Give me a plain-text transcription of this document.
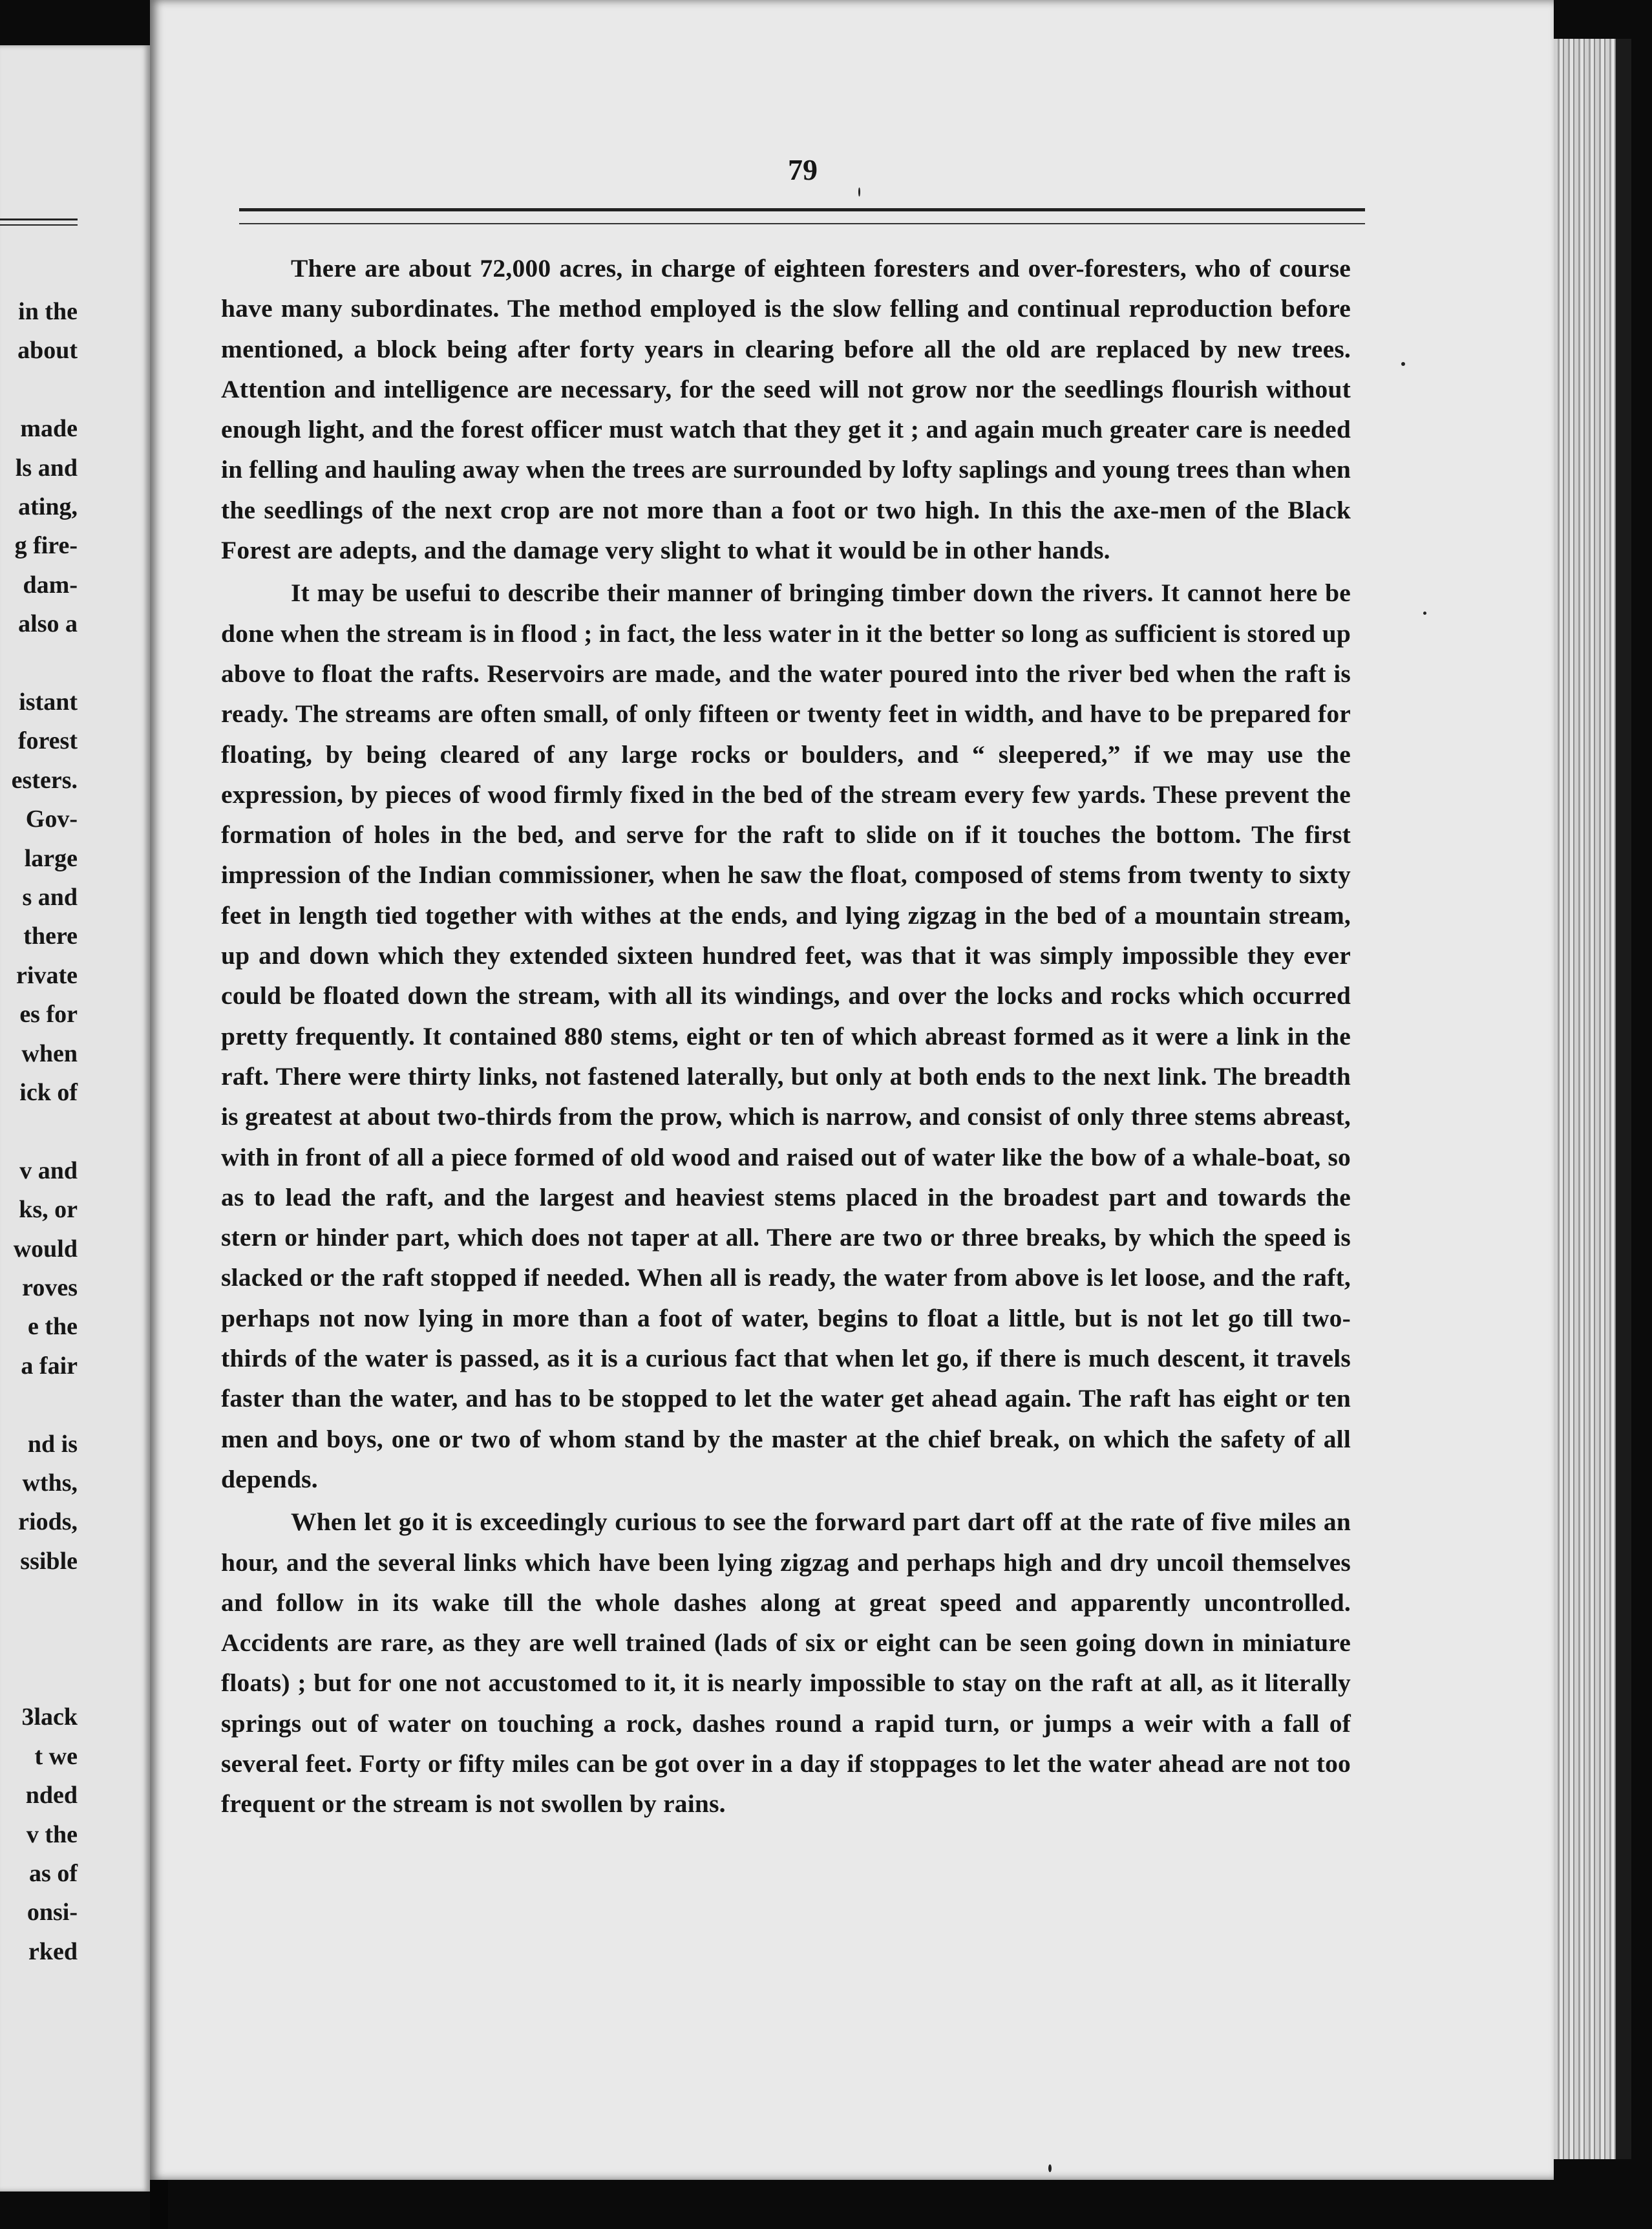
in the
about
made
ls and
ating,
g fire-
dam-
also a
istant
forest
esters.
Gov-
large
s and
there
rivate
es for
when
ick of
v and
ks, or
would
roves
e the
a fair
nd is
wths,
riods,
ssible
3lack
t we
nded
v the
as of
onsi-
rked
79

There are about 72,000 acres, in charge of eighteen foresters and over-foresters, who of course have many subordinates. The method employed is the slow felling and continual reproduction before mentioned, a block being after forty years in clearing before all the old are replaced by new trees. Attention and intelligence are necessary, for the seed will not grow nor the seedlings flourish without enough light, and the forest officer must watch that they get it ; and again much greater care is needed in felling and hauling away when the trees are surrounded by lofty saplings and young trees than when the seedlings of the next crop are not more than a foot or two high. In this the axe-men of the Black Forest are adepts, and the damage very slight to what it would be in other hands.

It may be usefui to describe their manner of bringing timber down the rivers. It cannot here be done when the stream is in flood ; in fact, the less water in it the better so long as sufficient is stored up above to float the rafts. Reservoirs are made, and the water poured into the river bed when the raft is ready. The streams are often small, of only fifteen or twenty feet in width, and have to be prepared for floating, by being cleared of any large rocks or boulders, and “ sleepered,” if we may use the expression, by pieces of wood firmly fixed in the bed of the stream every few yards. These prevent the formation of holes in the bed, and serve for the raft to slide on if it touches the bottom. The first impression of the Indian commissioner, when he saw the float, composed of stems from twenty to sixty feet in length tied together with withes at the ends, and lying zigzag in the bed of a mountain stream, up and down which they extended sixteen hundred feet, was that it was simply impossible they ever could be floated down the stream, with all its windings, and over the locks and rocks which occurred pretty frequently. It contained 880 stems, eight or ten of which abreast formed as it were a link in the raft. There were thirty links, not fastened laterally, but only at both ends to the next link. The breadth is greatest at about two-thirds from the prow, which is narrow, and consist of only three stems abreast, with in front of all a piece formed of old wood and raised out of water like the bow of a whale-boat, so as to lead the raft, and the largest and heaviest stems placed in the broadest part and towards the stern or hinder part, which does not taper at all. There are two or three breaks, by which the speed is slacked or the raft stopped if needed. When all is ready, the water from above is let loose, and the raft, perhaps not now lying in more than a foot of water, begins to float a little, but is not let go till two-thirds of the water is passed, as it is a curious fact that when let go, if there is much descent, it travels faster than the water, and has to be stopped to let the water get ahead again. The raft has eight or ten men and boys, one or two of whom stand by the master at the chief break, on which the safety of all depends.

When let go it is exceedingly curious to see the forward part dart off at the rate of five miles an hour, and the several links which have been lying zigzag and perhaps high and dry uncoil themselves and follow in its wake till the whole dashes along at great speed and apparently uncontrolled. Accidents are rare, as they are well trained (lads of six or eight can be seen going down in miniature floats) ; but for one not accustomed to it, it is nearly impossible to stay on the raft at all, as it literally springs out of water on touching a rock, dashes round a rapid turn, or jumps a weir with a fall of several feet. Forty or fifty miles can be got over in a day if stoppages to let the water ahead are not too frequent or the stream is not swollen by rains.
